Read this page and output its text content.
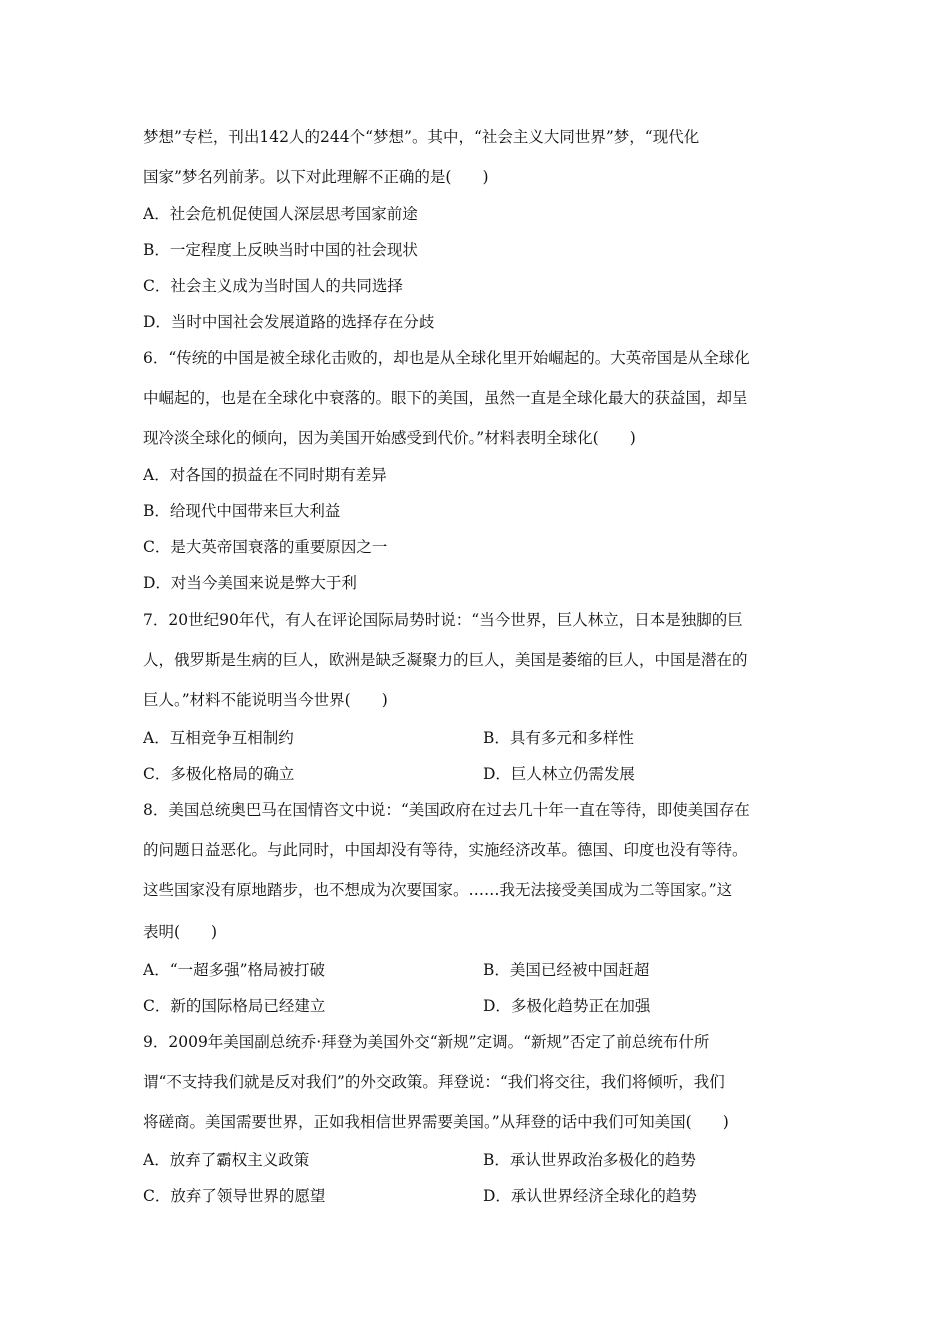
梦想”专栏，刊出142人的244个“梦想”。其中，“社会主义大同世界”梦，“现代化
国家”梦名列前茅。以下对此理解不正确的是(　　)
A．社会危机促使国人深层思考国家前途
B．一定程度上反映当时中国的社会现状
C．社会主义成为当时国人的共同选择
D．当时中国社会发展道路的选择存在分歧
6．“传统的中国是被全球化击败的，却也是从全球化里开始崛起的。大英帝国是从全球化
中崛起的，也是在全球化中衰落的。眼下的美国，虽然一直是全球化最大的获益国，却呈
现冷淡全球化的倾向，因为美国开始感受到代价。”材料表明全球化(　　)
A．对各国的损益在不同时期有差异
B．给现代中国带来巨大利益
C．是大英帝国衰落的重要原因之一
D．对当今美国来说是弊大于利
7．20世纪90年代，有人在评论国际局势时说：“当今世界，巨人林立，日本是独脚的巨
人，俄罗斯是生病的巨人，欧洲是缺乏凝聚力的巨人，美国是萎缩的巨人，中国是潜在的
巨人。”材料不能说明当今世界(　　)
A．互相竞争互相制约	B．具有多元和多样性
C．多极化格局的确立	D．巨人林立仍需发展
8．美国总统奥巴马在国情咨文中说：“美国政府在过去几十年一直在等待，即使美国存在
的问题日益恶化。与此同时，中国却没有等待，实施经济改革。德国、印度也没有等待。
这些国家没有原地踏步，也不想成为次要国家。……我无法接受美国成为二等国家。”这
表明(　　)
A．“一超多强”格局被打破	B．美国已经被中国赶超
C．新的国际格局已经建立	D．多极化趋势正在加强
9．2009年美国副总统乔·拜登为美国外交“新规”定调。“新规”否定了前总统布什所
谓“不支持我们就是反对我们”的外交政策。拜登说：“我们将交往，我们将倾听，我们
将磋商。美国需要世界，正如我相信世界需要美国。”从拜登的话中我们可知美国(　　)
A．放弃了霸权主义政策	B．承认世界政治多极化的趋势
C．放弃了领导世界的愿望	D．承认世界经济全球化的趋势
